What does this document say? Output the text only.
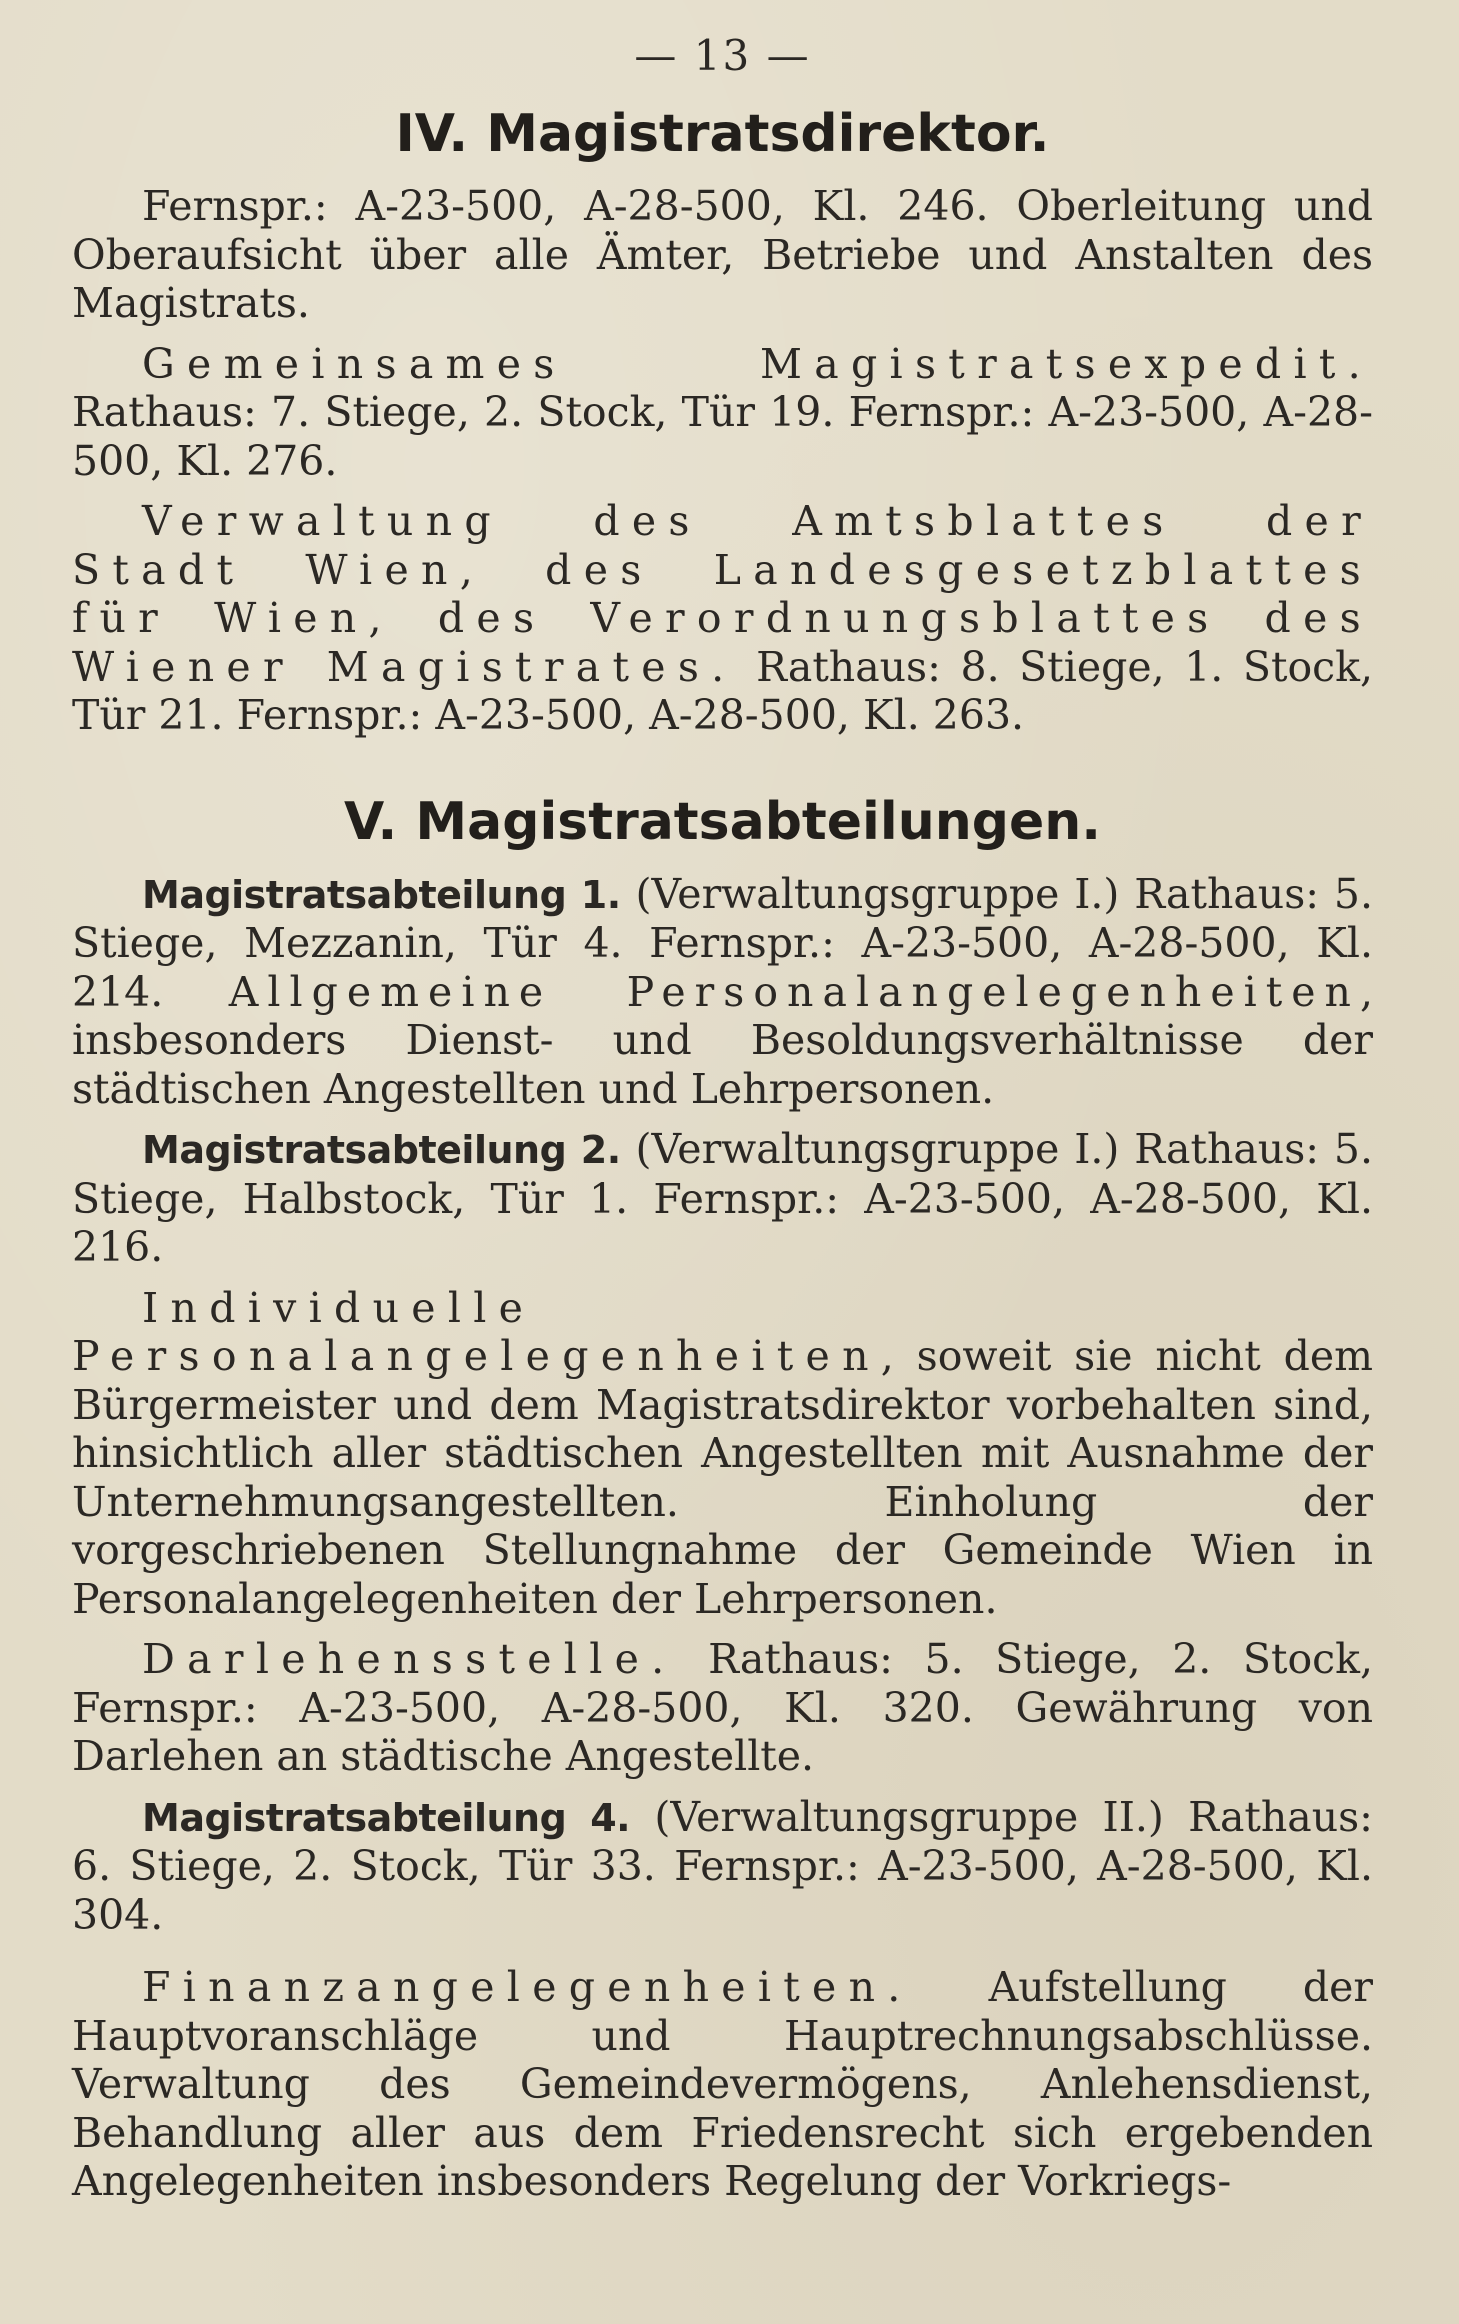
— 13 —
IV. Magistratsdirektor.

Fernspr.: A-23-500, A-28-500, Kl. 246. Oberleitung und Oberaufsicht über alle Ämter, Betriebe und Anstalten des Magistrats.

Gemeinsames Magistratsexpedit. Rathaus: 7. Stiege, 2. Stock, Tür 19. Fernspr.: A-23-500, A-28-500, Kl. 276.

Verwaltung des Amtsblattes der Stadt Wien, des Landesgesetzblattes für Wien, des Verordnungsblattes des Wiener Magistrates. Rathaus: 8. Stiege, 1. Stock, Tür 21. Fernspr.: A-23-500, A-28-500, Kl. 263.

V. Magistratsabteilungen.

Magistratsabteilung 1. (Verwaltungsgruppe I.) Rathaus: 5. Stiege, Mezzanin, Tür 4. Fernspr.: A-23-500, A-28-500, Kl. 214. Allgemeine Personalangelegenheiten, insbesonders Dienst- und Besoldungsverhältnisse der städtischen Angestellten und Lehrpersonen.

Magistratsabteilung 2. (Verwaltungsgruppe I.) Rathaus: 5. Stiege, Halbstock, Tür 1. Fernspr.: A-23-500, A-28-500, Kl. 216.

Individuelle Personalangelegenheiten, soweit sie nicht dem Bürgermeister und dem Magistratsdirektor vorbehalten sind, hinsichtlich aller städtischen Angestellten mit Ausnahme der Unternehmungsangestellten. Einholung der vorgeschriebenen Stellungnahme der Gemeinde Wien in Personalangelegenheiten der Lehrpersonen.

Darlehensstelle. Rathaus: 5. Stiege, 2. Stock, Fernspr.: A-23-500, A-28-500, Kl. 320. Gewährung von Darlehen an städtische Angestellte.

Magistratsabteilung 4. (Verwaltungsgruppe II.) Rathaus: 6. Stiege, 2. Stock, Tür 33. Fernspr.: A-23-500, A-28-500, Kl. 304.

Finanzangelegenheiten. Aufstellung der Hauptvoranschläge und Hauptrechnungsabschlüsse. Verwaltung des Gemeindevermögens, Anlehensdienst, Behandlung aller aus dem Friedensrecht sich ergebenden Angelegenheiten insbesonders Regelung der Vorkriegs-
